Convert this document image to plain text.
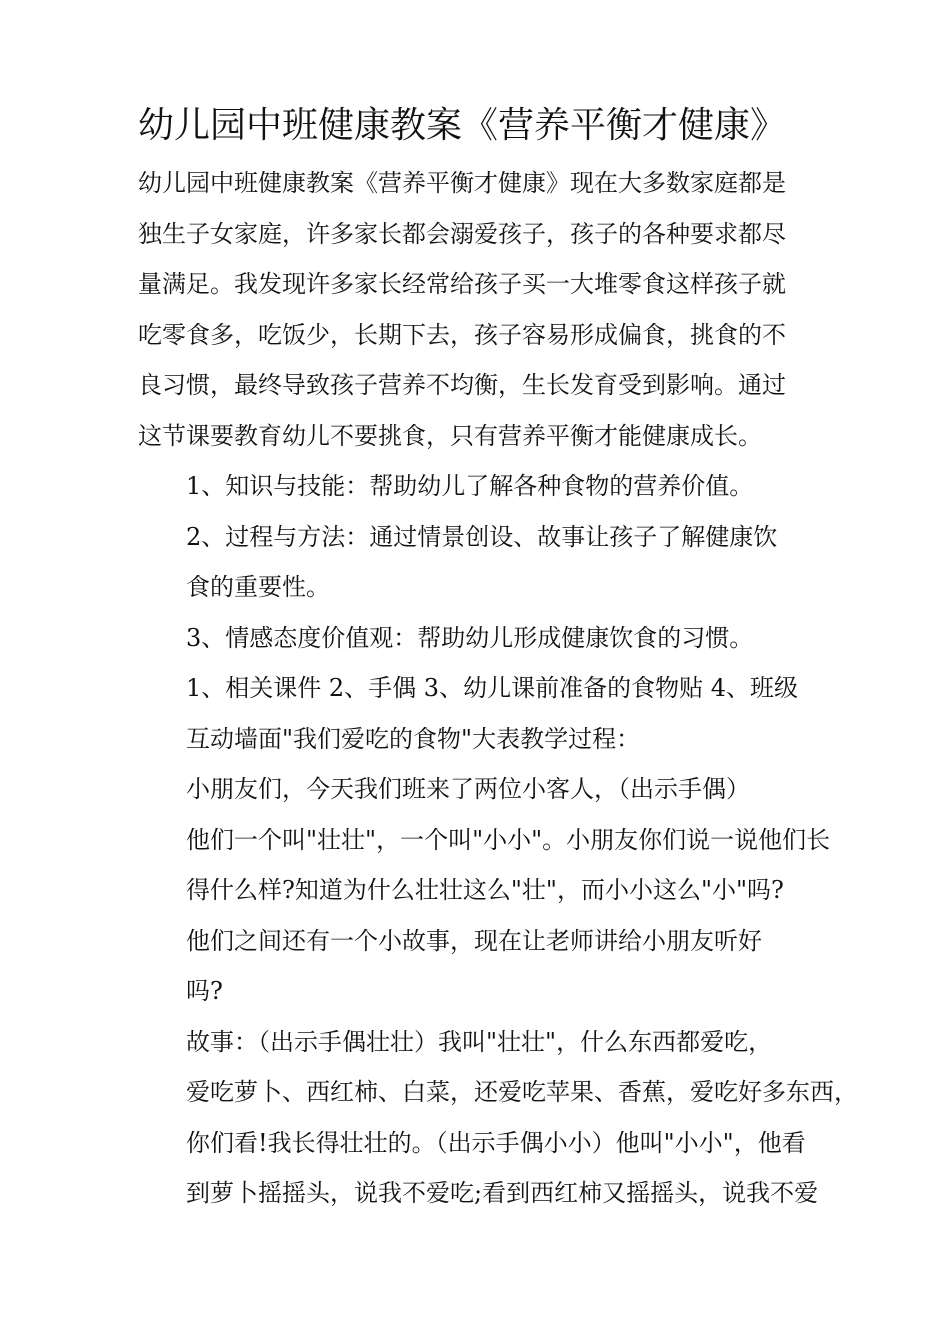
幼儿园中班健康教案《营养平衡才健康》

幼儿园中班健康教案《营养平衡才健康》现在大多数家庭都是
独生子女家庭，许多家长都会溺爱孩子，孩子的各种要求都尽
量满足。我发现许多家长经常给孩子买一大堆零食这样孩子就
吃零食多，吃饭少，长期下去，孩子容易形成偏食，挑食的不
良习惯，最终导致孩子营养不均衡，生长发育受到影响。通过
这节课要教育幼儿不要挑食，只有营养平衡才能健康成长。

1、知识与技能：帮助幼儿了解各种食物的营养价值。

2、过程与方法：通过情景创设、故事让孩子了解健康饮
食的重要性。

3、情感态度价值观：帮助幼儿形成健康饮食的习惯。

1、相关课件 2、手偶 3、幼儿课前准备的食物贴 4、班级
互动墙面"我们爱吃的食物"大表教学过程：

小朋友们，今天我们班来了两位小客人，（出示手偶）
他们一个叫"壮壮"，一个叫"小小"。小朋友你们说一说他们长
得什么样?知道为什么壮壮这么"壮"，而小小这么"小"吗?

他们之间还有一个小故事，现在让老师讲给小朋友听好
吗?

故事：（出示手偶壮壮）我叫"壮壮"，什么东西都爱吃，
爱吃萝卜、西红柿、白菜，还爱吃苹果、香蕉，爱吃好多东西，
你们看!我长得壮壮的。（出示手偶小小）他叫"小小"，他看
到萝卜摇摇头，说我不爱吃;看到西红柿又摇摇头，说我不爱
